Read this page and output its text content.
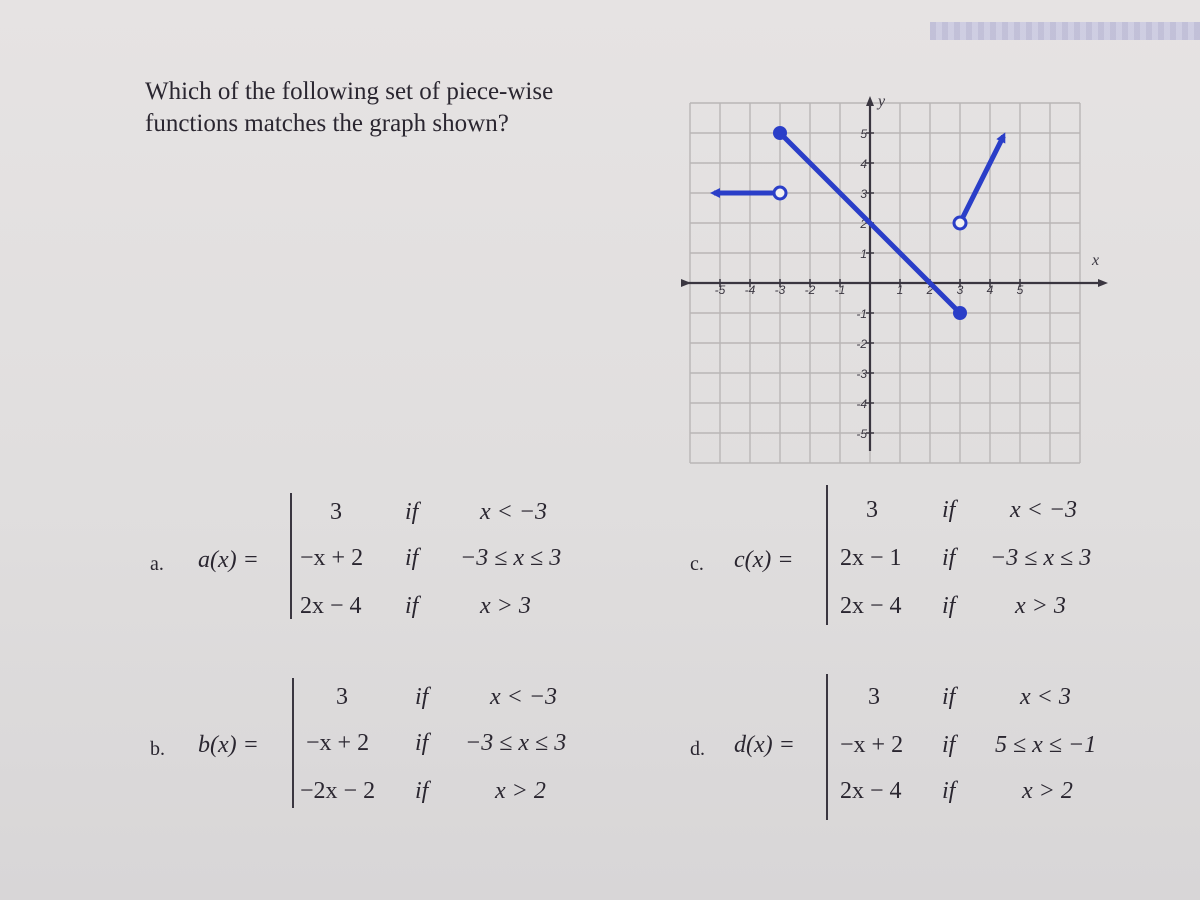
Which of the following set of piece-wise
functions matches the graph shown?
-5 -4 -3 -2 -1	1 2 3 4 5
5
4
3
2
1
-1
-2
-3
-4
-5
x
y
a. a(x) =
3	if	x < −3
−x + 2 if −3 ≤ x ≤ 3
2x − 4 if	x > 3
b. b(x) =
3	if	x < −3
−x + 2 if −3 ≤ x ≤ 3
−2x − 2 if	x > 2
c. c(x) =
3	if x < −3
2x − 1 if −3 ≤ x ≤ 3
2x − 4 if x > 3
d. d(x) =
3	if	x < 3
−x + 2 if 5 ≤ x ≤ −1
2x − 4 if	x > 2
